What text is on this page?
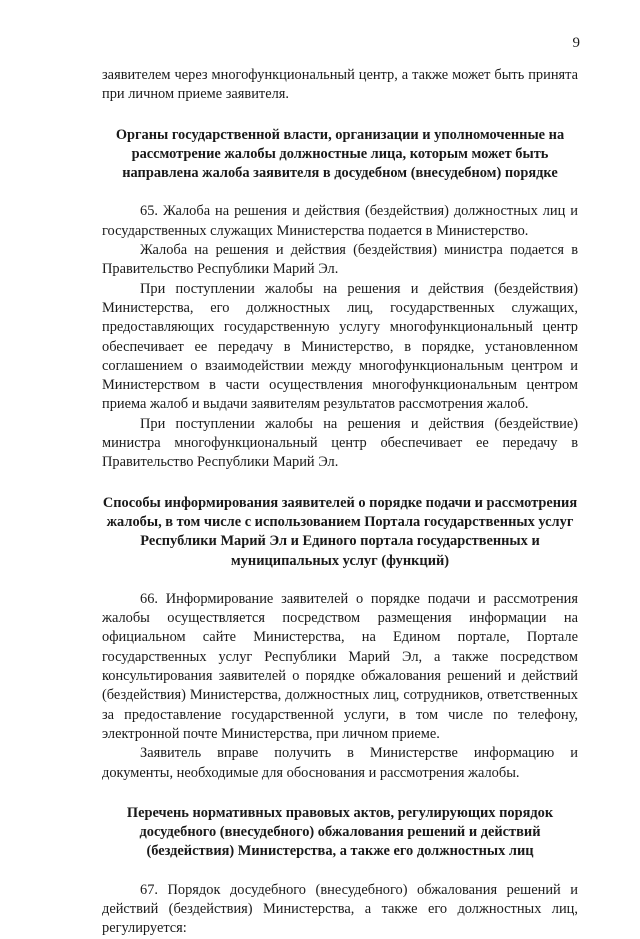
9

заявителем через многофункциональный центр, а также может быть принята при личном приеме заявителя.

Органы государственной власти, организации и уполномоченные на рассмотрение жалобы должностные лица, которым может быть направлена жалоба заявителя в досудебном (внесудебном) порядке

65. Жалоба на решения и действия (бездействия) должностных лиц и государственных служащих Министерства подается в Министерство.

Жалоба на решения и действия (бездействия) министра подается в Правительство Республики Марий Эл.

При поступлении жалобы на решения и действия (бездействия) Министерства, его должностных лиц, государственных служащих, предоставляющих государственную услугу многофункциональный центр обеспечивает ее передачу в Министерство, в порядке, установленном соглашением о взаимодействии между многофункциональным центром и Министерством в части осуществления многофункциональным центром приема жалоб и выдачи заявителям результатов рассмотрения жалоб.

При поступлении жалобы на решения и действия (бездействие) министра многофункциональный центр обеспечивает ее передачу в Правительство Республики Марий Эл.

Способы информирования заявителей о порядке подачи и рассмотрения жалобы, в том числе с использованием Портала государственных услуг Республики Марий Эл и Единого портала государственных и муниципальных услуг (функций)

66. Информирование заявителей о порядке подачи и рассмотрения жалобы осуществляется посредством размещения информации на официальном сайте Министерства, на Едином портале, Портале государственных услуг Республики Марий Эл, а также посредством консультирования заявителей о порядке обжалования решений и действий (бездействия) Министерства, должностных лиц, сотрудников, ответственных за предоставление государственной услуги, в том числе по телефону, электронной почте Министерства, при личном приеме.

Заявитель вправе получить в Министерстве информацию и документы, необходимые для обоснования и рассмотрения жалобы.

Перечень нормативных правовых актов, регулирующих порядок досудебного (внесудебного) обжалования решений и действий (бездействия) Министерства, а также его должностных лиц

67. Порядок досудебного (внесудебного) обжалования решений и действий (бездействия) Министерства, а также его должностных лиц, регулируется:
